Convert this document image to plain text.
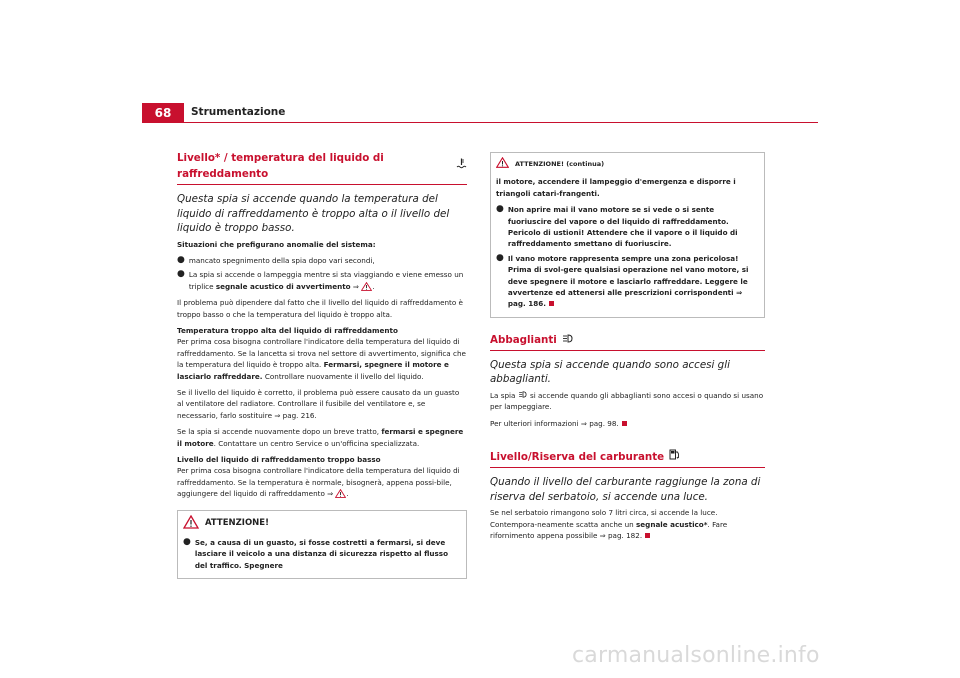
68	Strumentazione
Livello* / temperatura del liquido di raffreddamento
Questa spia si accende quando la temperatura del liquido di raffreddamento è troppo alta o il livello del liquido è troppo basso.
Situazioni che prefigurano anomalie del sistema:
● mancato spegnimento della spia dopo vari secondi,
● La spia si accende o lampeggia mentre si sta viaggiando e viene emesso un triplice segnale acustico di avvertimento ⇒ .
Il problema può dipendere dal fatto che il livello del liquido di raffreddamento è troppo basso o che la temperatura del liquido è troppo alta.
Temperatura troppo alta del liquido di raffreddamento
Per prima cosa bisogna controllare l'indicatore della temperatura del liquido di raffreddamento. Se la lancetta si trova nel settore di avvertimento, significa che la temperatura del liquido è troppo alta. Fermarsi, spegnere il motore e lasciarlo raffreddare. Controllare nuovamente il livello del liquido.
Se il livello del liquido è corretto, il problema può essere causato da un guasto al ventilatore del radiatore. Controllare il fusibile del ventilatore e, se necessario, farlo sostituire ⇒ pag. 216.
Se la spia si accende nuovamente dopo un breve tratto, fermarsi e spegnere il motore. Contattare un centro Service o un'officina specializzata.
Livello del liquido di raffreddamento troppo basso
Per prima cosa bisogna controllare l'indicatore della temperatura del liquido di raffreddamento. Se la temperatura è normale, bisognerà, appena possi-bile, aggiungere del liquido di raffreddamento ⇒ .
ATTENZIONE!
● Se, a causa di un guasto, si fosse costretti a fermarsi, si deve lasciare il veicolo a una distanza di sicurezza rispetto al flusso del traffico. Spegnere
ATTENZIONE! (continua)
il motore, accendere il lampeggio d'emergenza e disporre i triangoli catari-frangenti.
● Non aprire mai il vano motore se si vede o si sente fuoriuscire del vapore o del liquido di raffreddamento. Pericolo di ustioni! Attendere che il vapore o il liquido di raffreddamento smettano di fuoriuscire.
● Il vano motore rappresenta sempre una zona pericolosa! Prima di svol-gere qualsiasi operazione nel vano motore, si deve spegnere il motore e lasciarlo raffreddare. Leggere le avvertenze ed attenersi alle prescrizioni corrispondenti ⇒ pag. 186.
Abbaglianti
Questa spia si accende quando sono accesi gli abbaglianti.
La spia si accende quando gli abbaglianti sono accesi o quando si usano per lampeggiare.
Per ulteriori informazioni ⇒ pag. 98.
Livello/Riserva del carburante
Quando il livello del carburante raggiunge la zona di riserva del serbatoio, si accende una luce.
Se nel serbatoio rimangono solo 7 litri circa, si accende la luce. Contempora-neamente scatta anche un segnale acustico*. Fare rifornimento appena possibile ⇒ pag. 182.
carmanualsonline.info
